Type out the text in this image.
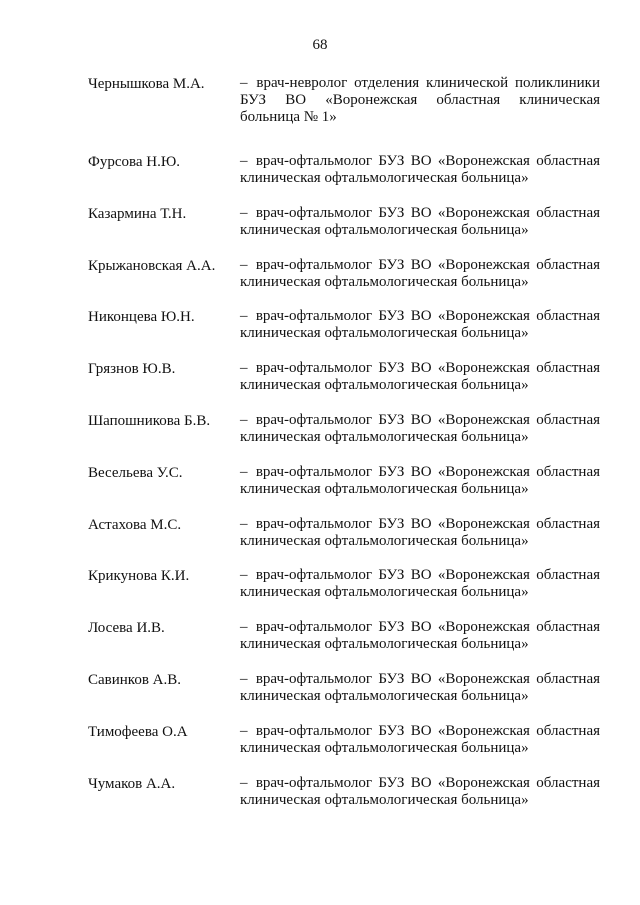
68
Чернышкова М.А. – врач-невролог отделения клинической поликлиники БУЗ ВО «Воронежская областная клиническая больница № 1»
Фурсова Н.Ю.	– врач-офтальмолог БУЗ ВО «Воронежская областная клиническая офтальмологическая больница»
Казармина Т.Н.	– врач-офтальмолог БУЗ ВО «Воронежская областная клиническая офтальмологическая больница»
Крыжановская А.А. – врач-офтальмолог БУЗ ВО «Воронежская областная клиническая офтальмологическая больница»
Никонцева Ю.Н.	– врач-офтальмолог БУЗ ВО «Воронежская областная клиническая офтальмологическая больница»
Грязнов Ю.В.	– врач-офтальмолог БУЗ ВО «Воронежская областная клиническая офтальмологическая больница»
Шапошникова Б.В. – врач-офтальмолог БУЗ ВО «Воронежская областная клиническая офтальмологическая больница»
Весельева У.С.	– врач-офтальмолог БУЗ ВО «Воронежская областная клиническая офтальмологическая больница»
Астахова М.С.	– врач-офтальмолог БУЗ ВО «Воронежская областная клиническая офтальмологическая больница»
Крикунова К.И.	– врач-офтальмолог БУЗ ВО «Воронежская областная клиническая офтальмологическая больница»
Лосева И.В.	– врач-офтальмолог БУЗ ВО «Воронежская областная клиническая офтальмологическая больница»
Савинков А.В.	– врач-офтальмолог БУЗ ВО «Воронежская областная клиническая офтальмологическая больница»
Тимофеева О.А	– врач-офтальмолог БУЗ ВО «Воронежская областная клиническая офтальмологическая больница»
Чумаков А.А.	– врач-офтальмолог БУЗ ВО «Воронежская областная клиническая офтальмологическая больница»
